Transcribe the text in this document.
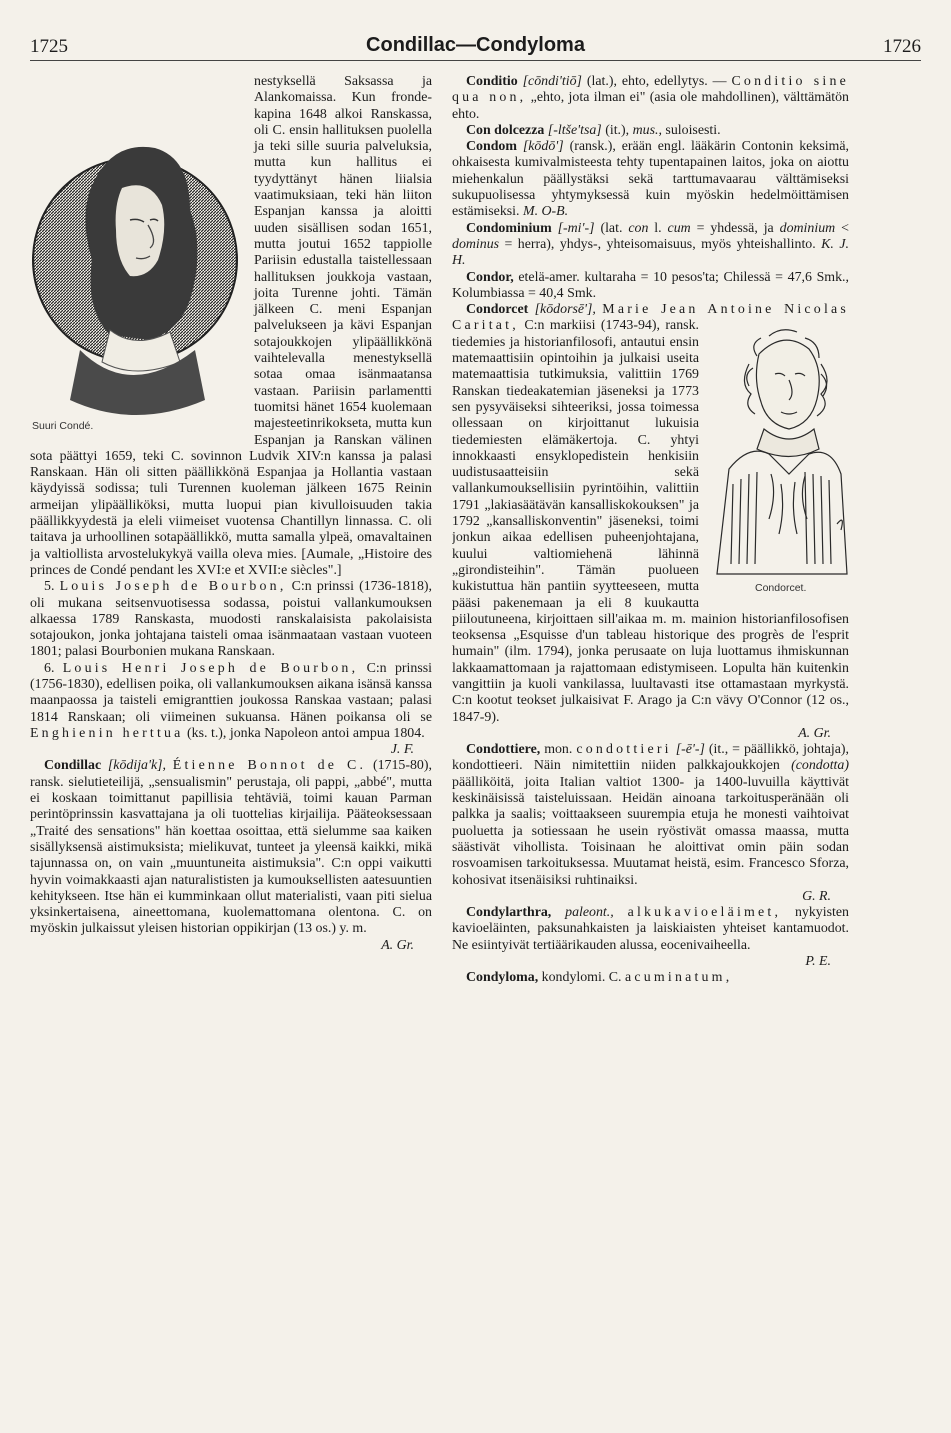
1725	Condillac—Condyloma	1726
Suuri Condé.

nestyksellä Saksassa ja Alankomaissa. Kun fronde-kapina 1648 alkoi Ranskassa, oli C. ensin hallituksen puolella ja teki sille suuria palveluksia, mutta kun hallitus ei tyydyttänyt hänen liialsia vaatimuksiaan, teki hän liiton Espanjan kanssa ja aloitti uuden sisällisen sodan 1651, mutta joutui 1652 tappiolle Pariisin edustalla taistellessaan hallituksen joukkoja vastaan, joita Turenne johti. Tämän jälkeen C. meni Espanjan palvelukseen ja kävi Espanjan sotajoukkojen ylipäällikkönä vaihtelevalla menestyksellä sotaa omaa isänmaatansa vastaan. Pariisin parlamentti tuomitsi hänet 1654 kuolemaan majesteetinrikokseta, mutta kun Espanjan ja Ranskan välinen sota päättyi 1659, teki C. sovinnon Ludvik XIV:n kanssa ja palasi Ranskaan. Hän oli sitten päällikkönä Espanjaa ja Hollantia vastaan käydyissä sodissa; tuli Turennen kuoleman jälkeen 1675 Reinin armeijan ylipäälliköksi, mutta luopui pian kivulloisuuden takia päällikkyydestä ja eleli viimeiset vuotensa Chantillyn linnassa. C. oli taitava ja urhoollinen sotapäällikkö, mutta samalla ylpeä, omavaltainen ja valtiollista arvostelukykyä vailla oleva mies. [Aumale, „Histoire des princes de Condé pendant les XVI:e et XVII:e siècles".]

5. Louis Joseph de Bourbon, C:n prinssi (1736-1818), oli mukana seitsenvuotisessa sodassa, poistui vallankumouksen alkaessa 1789 Ranskasta, muodosti ranskalaisista pakolaisista sotajoukon, jonka johtajana taisteli omaa isänmaataan vastaan vuoteen 1801; palasi Bourbonien mukana Ranskaan.

6. Louis Henri Joseph de Bourbon, C:n prinssi (1756-1830), edellisen poika, oli vallankumouksen aikana isänsä kanssa maanpaossa ja taisteli emigranttien joukossa Ranskaa vastaan; palasi 1814 Ranskaan; oli viimeinen sukuansa. Hänen poikansa oli se Enghienin herttua (ks. t.), jonka Napoleon antoi ampua 1804.
J. F.

Condillac [kōdija'k], Étienne Bonnot de C. (1715-80), ransk. sielutieteilijä, „sensualismin" perustaja, oli pappi, „abbé", mutta ei koskaan toimittanut papillisia tehtäviä, toimi kauan Parman perintöprinssin kasvattajana ja oli tuottelias kirjailija. Pääteoksessaan „Traité des sensations" hän koettaa osoittaa, että sielumme saa kaiken sisällyksensä aistimuksista; mielikuvat, tunteet ja yleensä kaikki, mikä tajunnassa on, on vain „muuntuneita aistimuksia". C:n oppi vaikutti hyvin voimakkaasti ajan naturalististen ja kumouksellisten aatesuuntien kehitykseen. Itse hän ei kumminkaan ollut materialisti, vaan piti sielua yksinkertaisena, aineettomana, kuolemattomana olentona. C. on myöskin julkaissut yleisen historian oppikirjan (13 os.) y. m.
A. Gr.

Conditio [cōndi'tiō] (lat.), ehto, edellytys. — Conditio sine qua non, „ehto, jota ilman ei" (asia ole mahdollinen), välttämätön ehto.

Con dolcezza [-ltše'tsa] (it.), mus., suloisesti.

Condom [kōdō'] (ransk.), erään engl. lääkärin Contonin keksimä, ohkaisesta kumivalmisteesta tehty tupentapainen laitos, joka on aiottu miehenkalun päällystäksi sekä tarttumavaarau välttämiseksi sukupuolisessa yhtymyksessä kuin myöskin hedelmöittämisen estämiseksi. M. O-B.

Condominium [-mi'-] (lat. con l. cum = yhdessä, ja dominium < dominus = herra), yhdys-, yhteisomaisuus, myös yhteishallinto. K. J. H.

Condor, etelä-amer. kultaraha = 10 pesos'ta; Chilessä = 47,6 Smk., Kolumbiassa = 40,4 Smk.

Condorcet [kōdorsē'], Marie Jean Antoine Nicolas Caritat,
Condorcet.
C:n markiisi (1743-94), ransk. tiedemies ja historianfilosofi, antautui ensin matemaattisiin opintoihin ja julkaisi useita matemaattisia tutkimuksia, valittiin 1769 Ranskan tiedeakatemian jäseneksi ja 1773 sen pysyväiseksi sihteeriksi, jossa toimessa ollessaan on kirjoittanut lukuisia tiedemiesten elämäkertoja. C. yhtyi innokkaasti ensyklopedistein henkisiin uudistusaatteisiin sekä vallankumouksellisiin pyrintöihin, valittiin 1791 „lakiasäätävän kansalliskokouksen" ja 1792 „kansalliskonventin" jäseneksi, toimi jonkun aikaa edellisen puheenjohtajana, kuului valtiomiehenä lähinnä „girondisteihin". Tämän puolueen kukistuttua hän pantiin syytteeseen, mutta pääsi pakenemaan ja eli 8 kuukautta piiloutuneena, kirjoittaen sill'aikaa m. m. mainion historianfilosofisen teoksensa „Esquisse d'un tableau historique des progrès de l'esprit humain" (ilm. 1794), jonka perusaate on luja luottamus ihmiskunnan lakkaamattomaan ja rajattomaan edistymiseen. Lopulta hän kuitenkin vangittiin ja kuoli vankilassa, luultavasti itse ottamastaan myrkystä. C:n kootut teokset julkaisivat F. Arago ja C:n vävy O'Connor (12 os., 1847-9).
A. Gr.

Condottiere, mon. condottieri [-ē'-] (it., = päällikkö, johtaja), kondottieeri. Näin nimitettiin niiden palkkajoukkojen (condotta) päälliköitä, joita Italian valtiot 1300- ja 1400-luvuilla käyttivät keskinäisissä taisteluissaan. Heidän ainoana tarkoitusperänään oli palkka ja saalis; voittaakseen suurempia etuja he monesti vaihtoivat puoluetta ja sotiessaan he usein ryöstivät omassa maassa, mutta säästivät vihollista. Toisinaan he aloittivat omin päin sodan rosvoamisen tarkoituksessa. Muutamat heistä, esim. Francesco Sforza, kohosivat itsenäisiksi ruhtinaiksi.
G. R.

Condylarthra, paleont., alkukavioeläimet, nykyisten kavioeläinten, paksunahkaisten ja laiskiaisten yhteiset kantamuodot. Ne esiintyivät tertiäärikauden alussa, eocenivaiheella.
P. E.

Condyloma, kondylomi. C. acuminatum,
